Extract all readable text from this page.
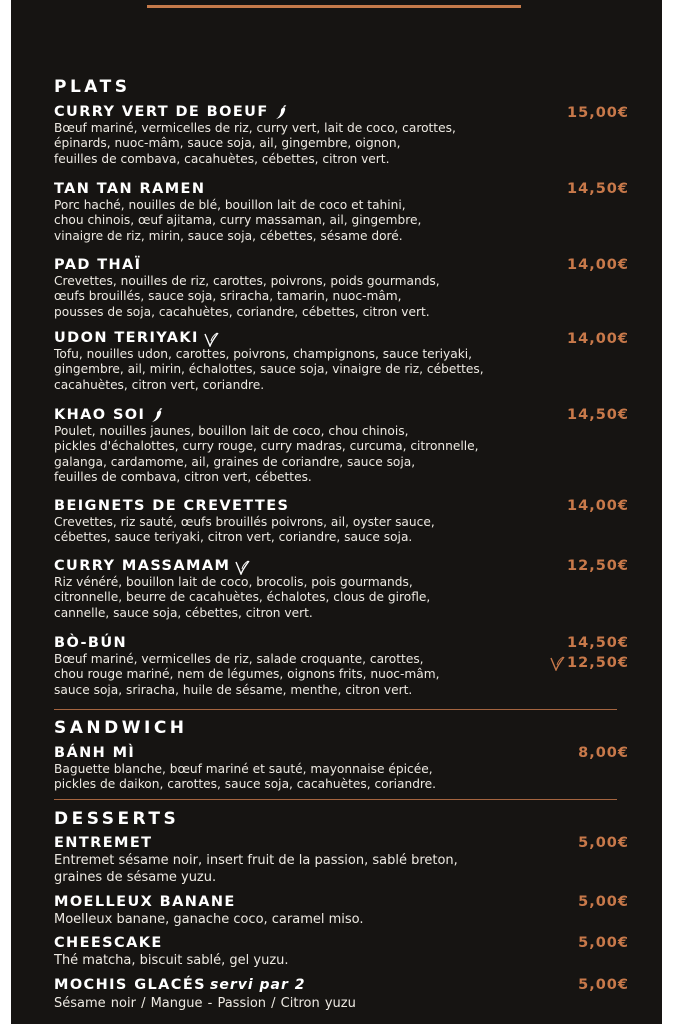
PLATS
CURRY VERT DE BOEUF
Bœuf mariné, vermicelles de riz, curry vert, lait de coco, carottes,
épinards, nuoc-mâm, sauce soja, ail, gingembre, oignon,
feuilles de combava, cacahuètes, cébettes, citron vert.
15,00€
TAN TAN RAMEN
Porc haché, nouilles de blé, bouillon lait de coco et tahini,
chou chinois, œuf ajitama, curry massaman, ail, gingembre,
vinaigre de riz, mirin, sauce soja, cébettes, sésame doré.
14,50€
PAD THAÏ
Crevettes, nouilles de riz, carottes, poivrons, poids gourmands,
œufs brouillés, sauce soja, sriracha, tamarin, nuoc-mâm,
pousses de soja, cacahuètes, coriandre, cébettes, citron vert.
14,00€
UDON TERIYAKI
Tofu, nouilles udon, carottes, poivrons, champignons, sauce teriyaki,
gingembre, ail, mirin, échalottes, sauce soja, vinaigre de riz, cébettes,
cacahuètes, citron vert, coriandre.
14,00€
KHAO SOI
Poulet, nouilles jaunes, bouillon lait de coco, chou chinois,
pickles d'échalottes, curry rouge, curry madras, curcuma, citronnelle,
galanga, cardamome, ail, graines de coriandre, sauce soja,
feuilles de combava, citron vert, cébettes.
14,50€
BEIGNETS DE CREVETTES
Crevettes, riz sauté, œufs brouillés poivrons, ail, oyster sauce,
cébettes, sauce teriyaki, citron vert, coriandre, sauce soja.
14,00€
CURRY MASSAMAM
Riz vénéré, bouillon lait de coco, brocolis, pois gourmands,
citronnelle, beurre de cacahuètes, échalotes, clous de girofle,
cannelle, sauce soja, cébettes, citron vert.
12,50€
BÒ-BÚN
Bœuf mariné, vermicelles de riz, salade croquante, carottes,
chou rouge mariné, nem de légumes, oignons frits, nuoc-mâm,
sauce soja, sriracha, huile de sésame, menthe, citron vert.
14,50€
12,50€
SANDWICH
BÁNH MÌ
Baguette blanche, bœuf mariné et sauté, mayonnaise épicée,
pickles de daikon, carottes, sauce soja, cacahuètes, coriandre.
8,00€
DESSERTS
ENTREMET
Entremet sésame noir, insert fruit de la passion, sablé breton,
graines de sésame yuzu.
5,00€
MOELLEUX BANANE
Moelleux banane, ganache coco, caramel miso.
5,00€
CHEESCAKE
Thé matcha, biscuit sablé, gel yuzu.
5,00€
MOCHIS GLACÉS servi par 2
Sésame noir / Mangue - Passion / Citron yuzu
5,00€
